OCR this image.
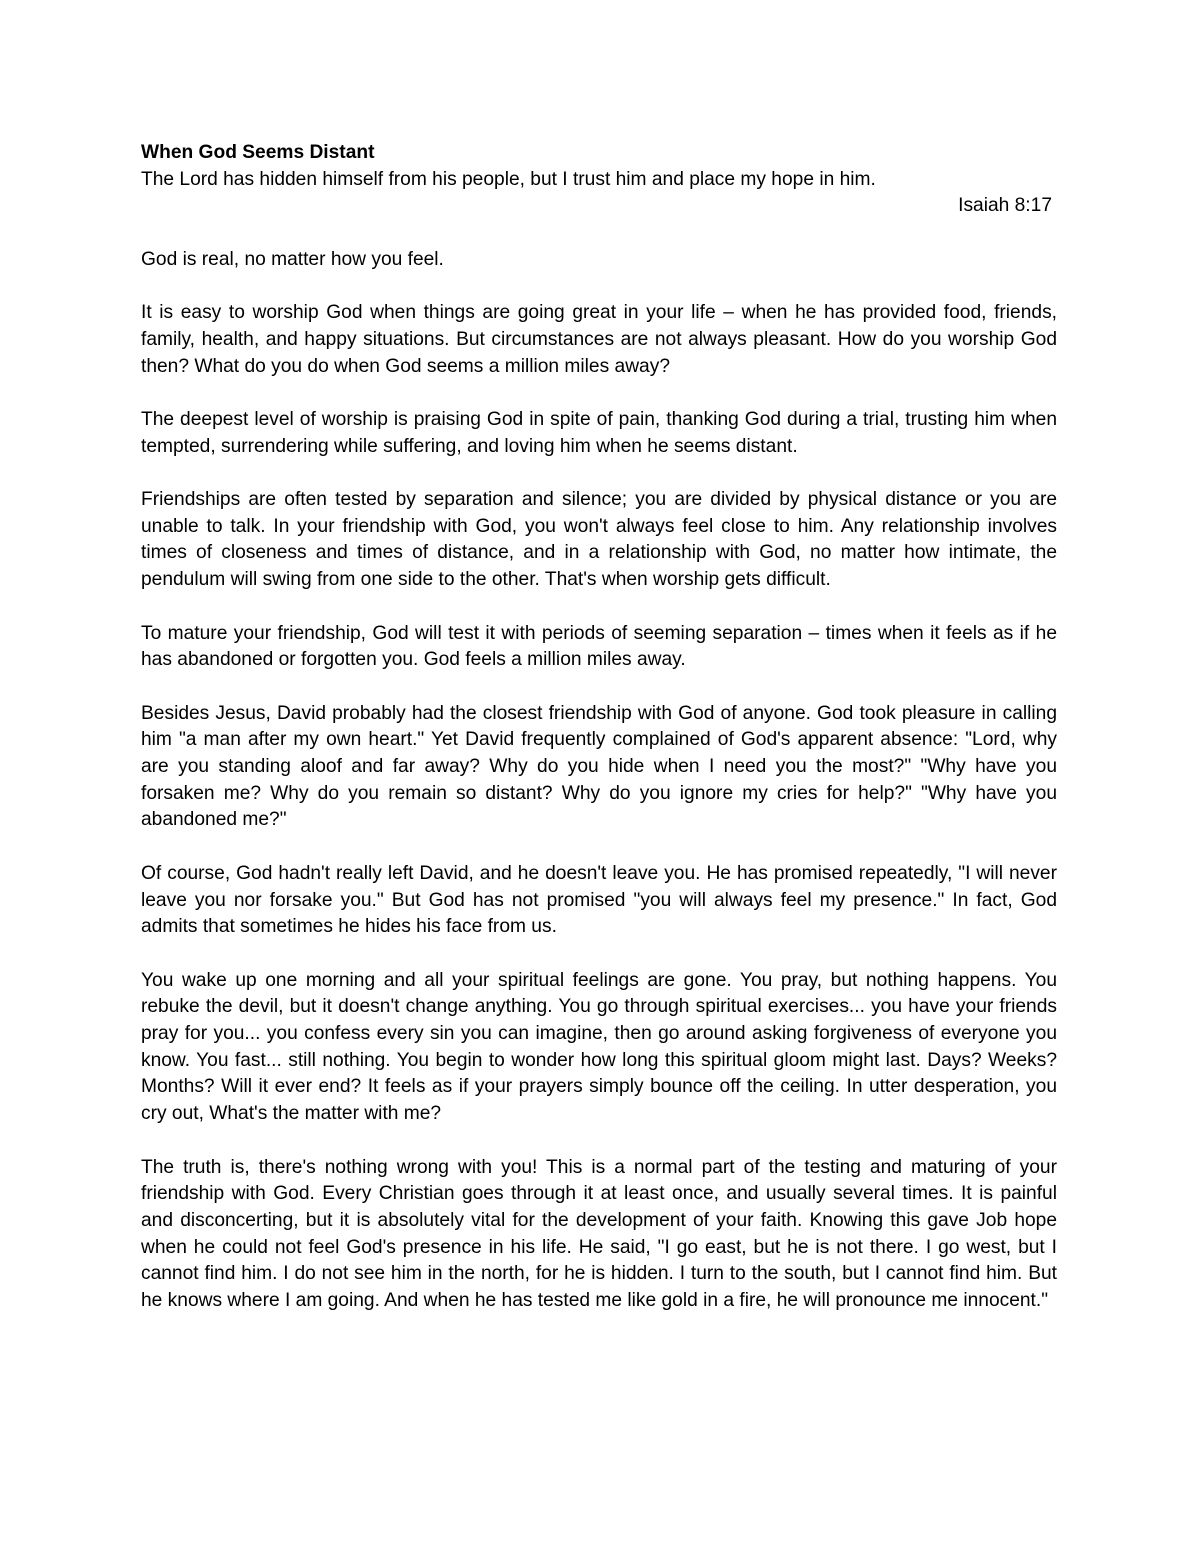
When God Seems Distant

The Lord has hidden himself from his people, but I trust him and place my hope in him.

Isaiah 8:17

God is real, no matter how you feel.

It is easy to worship God when things are going great in your life – when he has provided food, friends, family, health, and happy situations. But circumstances are not always pleasant. How do you worship God then? What do you do when God seems a million miles away?

The deepest level of worship is praising God in spite of pain, thanking God during a trial, trusting him when tempted, surrendering while suffering, and loving him when he seems distant.

Friendships are often tested by separation and silence; you are divided by physical distance or you are unable to talk. In your friendship with God, you won't always feel close to him. Any relationship involves times of closeness and times of distance, and in a relationship with God, no matter how intimate, the pendulum will swing from one side to the other. That's when worship gets difficult.

To mature your friendship, God will test it with periods of seeming separation – times when it feels as if he has abandoned or forgotten you. God feels a million miles away.

Besides Jesus, David probably had the closest friendship with God of anyone. God took pleasure in calling him "a man after my own heart." Yet David frequently complained of God's apparent absence: "Lord, why are you standing aloof and far away? Why do you hide when I need you the most?" "Why have you forsaken me? Why do you remain so distant? Why do you ignore my cries for help?" "Why have you abandoned me?"

Of course, God hadn't really left David, and he doesn't leave you. He has promised repeatedly, "I will never leave you nor forsake you." But God has not promised "you will always feel my presence." In fact, God admits that sometimes he hides his face from us.

You wake up one morning and all your spiritual feelings are gone. You pray, but nothing happens. You rebuke the devil, but it doesn't change anything. You go through spiritual exercises... you have your friends pray for you... you confess every sin you can imagine, then go around asking forgiveness of everyone you know. You fast... still nothing. You begin to wonder how long this spiritual gloom might last. Days? Weeks? Months? Will it ever end? It feels as if your prayers simply bounce off the ceiling. In utter desperation, you cry out, What's the matter with me?

The truth is, there's nothing wrong with you! This is a normal part of the testing and maturing of your friendship with God. Every Christian goes through it at least once, and usually several times. It is painful and disconcerting, but it is absolutely vital for the development of your faith. Knowing this gave Job hope when he could not feel God's presence in his life. He said, "I go east, but he is not there. I go west, but I cannot find him. I do not see him in the north, for he is hidden. I turn to the south, but I cannot find him. But he knows where I am going. And when he has tested me like gold in a fire, he will pronounce me innocent."
